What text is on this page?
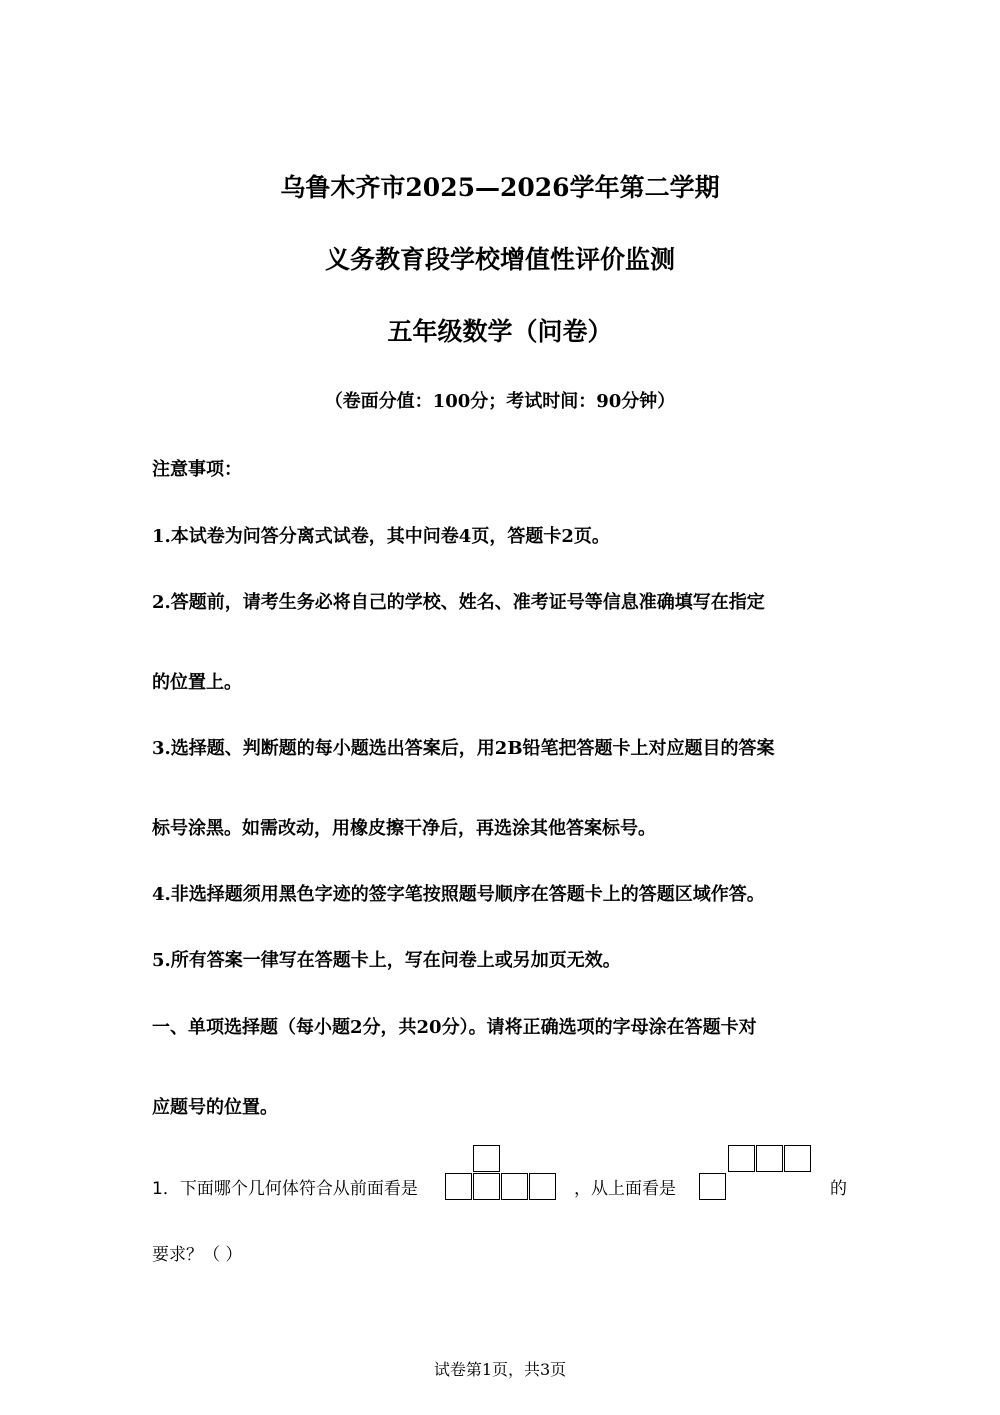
乌鲁木齐市2025—2026学年第二学期
义务教育段学校增值性评价监测
五年级数学（问卷）
（卷面分值：100分；考试时间：90分钟）
注意事项：
1.本试卷为问答分离式试卷，其中问卷4页，答题卡2页。
2.答题前，请考生务必将自己的学校、姓名、准考证号等信息准确填写在指定
的位置上。
3.选择题、判断题的每小题选出答案后，用2B铅笔把答题卡上对应题目的答案
标号涂黑。如需改动，用橡皮擦干净后，再选涂其他答案标号。
4.非选择题须用黑色字迹的签字笔按照题号顺序在答题卡上的答题区域作答。
5.所有答案一律写在答题卡上，写在问卷上或另加页无效。
一、单项选择题（每小题2分，共20分）。请将正确选项的字母涂在答题卡对
应题号的位置。
1．下面哪个几何体符合从前面看是	，从上面看是	的
要求？（ ）
试卷第1页，共3页
